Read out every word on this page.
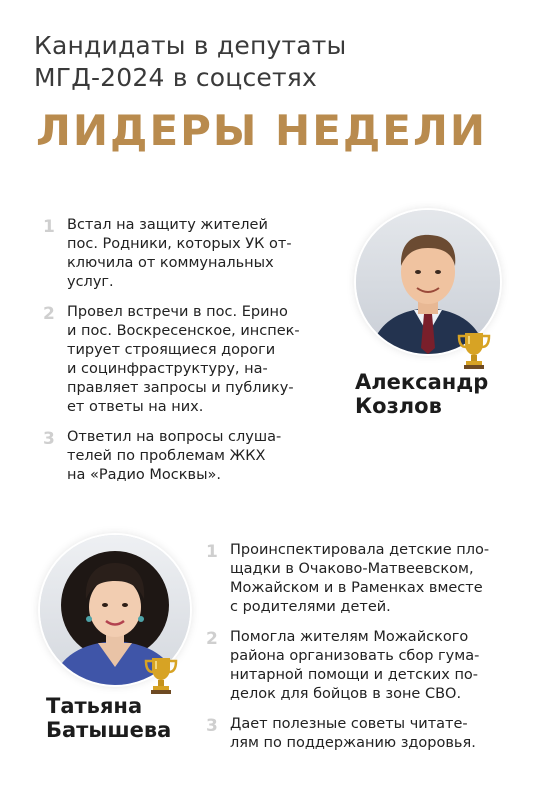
Кандидаты в депутаты
МГД-2024 в соцсетях
ЛИДЕРЫ НЕДЕЛИ
1 Встал на защиту жителей
пос. Родники, которых УК от-
ключила от коммунальных
услуг.
2 Провел встречи в пос. Ерино
и пос. Воскресенское, инспек-
тирует строящиеся дороги
и социнфраструктуру, на-
правляет запросы и публику-
ет ответы на них.
3 Ответил на вопросы слуша-
телей по проблемам ЖКХ
на «Радио Москвы».
Александр
Козлов
Татьяна
Батышева
1 Проинспектировала детские пло-
щадки в Очаково-Матвеевском,
Можайском и в Раменках вместе
с родителями детей.
2 Помогла жителям Можайского
района организовать сбор гума-
нитарной помощи и детских по-
делок для бойцов в зоне СВО.
3 Дает полезные советы читате-
лям по поддержанию здоровья.
